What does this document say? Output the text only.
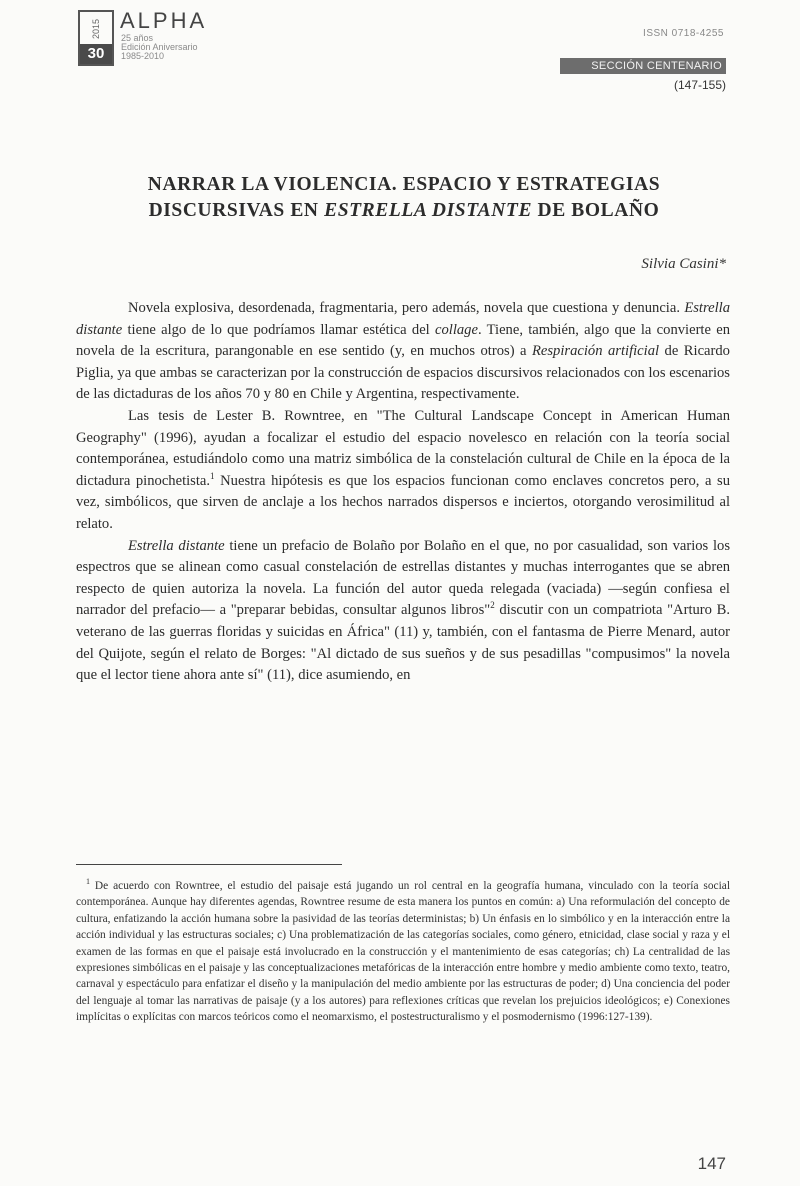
2015
30
ALPHA
25 años
Edición Aniversario
1985-2010
ISSN 0718-4255
SECCIÓN CENTENARIO
(147-155)
NARRAR LA VIOLENCIA. ESPACIO Y ESTRATEGIAS
DISCURSIVAS EN ESTRELLA DISTANTE DE BOLAÑO
Silvia Casini*

Novela explosiva, desordenada, fragmentaria, pero además, novela que cuestiona y denuncia. Estrella distante tiene algo de lo que podríamos llamar estética del collage. Tiene, también, algo que la convierte en novela de la escritura, parangonable en ese sentido (y, en muchos otros) a Respiración artificial de Ricardo Piglia, ya que ambas se caracterizan por la construcción de espacios discursivos relacionados con los escenarios de las dictaduras de los años 70 y 80 en Chile y Argentina, respectivamente.

Las tesis de Lester B. Rowntree, en "The Cultural Landscape Concept in American Human Geography" (1996), ayudan a focalizar el estudio del espacio novelesco en relación con la teoría social contemporánea, estudiándolo como una matriz simbólica de la constelación cultural de Chile en la época de la dictadura pinochetista.$^1$ Nuestra hipótesis es que los espacios funcionan como enclaves concretos pero, a su vez, simbólicos, que sirven de anclaje a los hechos narrados dispersos e inciertos, otorgando verosimilitud al relato.

Estrella distante tiene un prefacio de Bolaño por Bolaño en el que, no por casualidad, son varios los espectros que se alinean como casual constelación de estrellas distantes y muchas interrogantes que se abren respecto de quien autoriza la novela. La función del autor queda relegada (vaciada) —según confiesa el narrador del prefacio— a "preparar bebidas, consultar algunos libros"$^2$ discutir con un compatriota "Arturo B. veterano de las guerras floridas y suicidas en África" (11) y, también, con el fantasma de Pierre Menard, autor del Quijote, según el relato de Borges: "Al dictado de sus sueños y de sus pesadillas "compusimos" la novela que el lector tiene ahora ante sí" (11), dice asumiendo, en

$^1$ De acuerdo con Rowntree, el estudio del paisaje está jugando un rol central en la geografía humana, vinculado con la teoría social contemporánea. Aunque hay diferentes agendas, Rowntree resume de esta manera los puntos en común: a) Una reformulación del concepto de cultura, enfatizando la acción humana sobre la pasividad de las teorías deterministas; b) Un énfasis en lo simbólico y en la interacción entre la acción individual y las estructuras sociales; c) Una problematización de las categorías sociales, como género, etnicidad, clase social y raza y el examen de las formas en que el paisaje está involucrado en la construcción y el mantenimiento de esas categorías; ch) La centralidad de las expresiones simbólicas en el paisaje y las conceptualizaciones metafóricas de la interacción entre hombre y medio ambiente como texto, teatro, carnaval y espectáculo para enfatizar el diseño y la manipulación del medio ambiente por las estructuras de poder; d) Una conciencia del poder del lenguaje al tomar las narrativas de paisaje (y a los autores) para reflexiones críticas que revelan los prejuicios ideológicos; e) Conexiones implícitas o explícitas con marcos teóricos como el neomarxismo, el postestructuralismo y el posmodernismo (1996:127-139).

147
